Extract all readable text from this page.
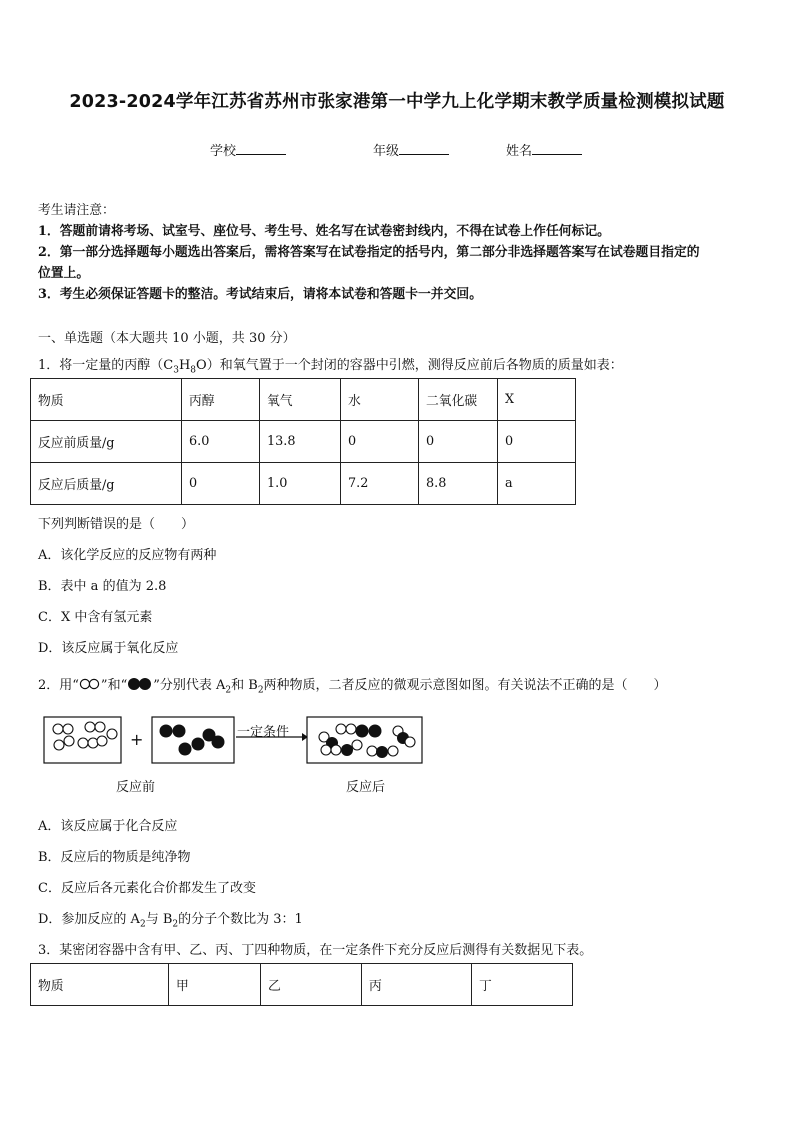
2023-2024学年江苏省苏州市张家港第一中学九上化学期末教学质量检测模拟试题
学校	年级	姓名

考生请注意：

1．答题前请将考场、试室号、座位号、考生号、姓名写在试卷密封线内，不得在试卷上作任何标记。

2．第一部分选择题每小题选出答案后，需将答案写在试卷指定的括号内，第二部分非选择题答案写在试卷题目指定的

位置上。

3．考生必须保证答题卡的整洁。考试结束后，请将本试卷和答题卡一并交回。

一、单选题（本大题共 10 小题，共 30 分）
1．将一定量的丙醇$(C_3H_8O)$和氧气置于一个封闭的容器中引燃，测得反应前后各物质的质量如表：
物质	丙醇	氧气	水	二氧化碳	X
反应前质量/g	6.0	13.8	0	0	0
反应后质量/g	0	1.0	7.2	8.8	a
下列判断错误的是（　　）
A．该化学反应的反应物有两种
B．表中 a 的值为 2.8
C．X 中含有氢元素
D．该反应属于氧化反应
2．用“ ”和“ ”分别代表 $A_2$和 $B_2$两种物质，二者反应的微观示意图如图。有关说法不正确的是（　　）
+	一定条件
反应前	反应后
A．该反应属于化合反应
B．反应后的物质是纯净物
C．反应后各元素化合价都发生了改变
D．参加反应的 $A_2$与 $B_2$的分子个数比为 3：1
3．某密闭容器中含有甲、乙、丙、丁四种物质，在一定条件下充分反应后测得有关数据见下表。
物质	甲	乙	丙	丁
